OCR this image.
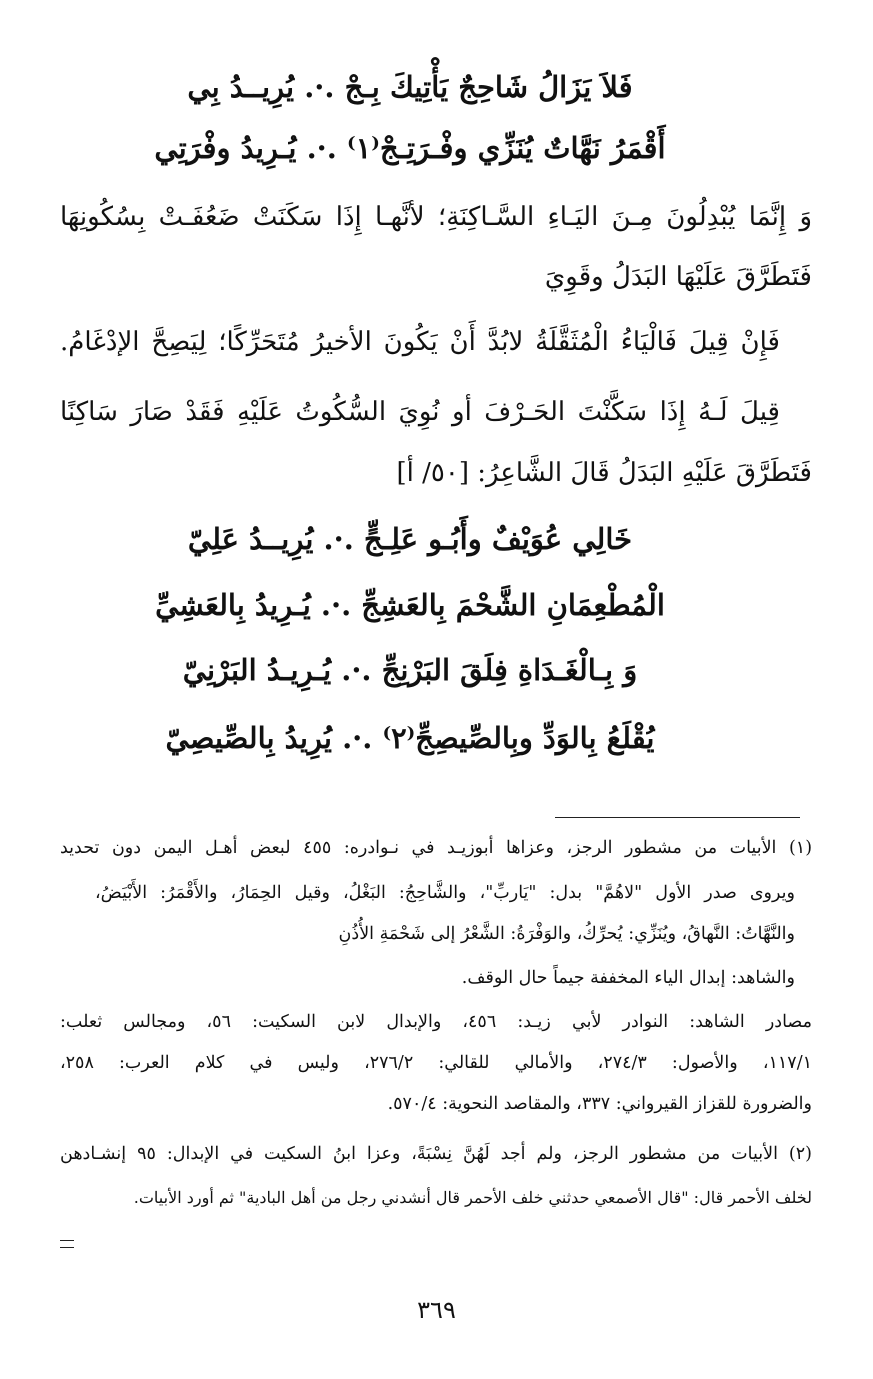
فَلاَ يَزَالُ شَاحِجٌ يَأْتِيكَ بِـجْ .·. يُرِيــدُ بِي
أَقْمَرُ نَهَّاتٌ يُنَزِّي وفْـرَتِـجْ⁽١⁾ .·. يُـرِيدُ وفْرَتِي
وَ إِنَّمَا يُبْدِلُونَ مِـنَ اليَـاءِ السَّـاكِنَةِ؛ لأنَّهـا إِذَا سَكَنَتْ ضَعُفَـتْ بِسُكُونِهَا
فَتَطَرَّقَ عَلَيْهَا البَدَلُ وقَوِيَ
فَإِنْ قِيلَ فَالْيَاءُ الْمُثَقَّلَةُ لابُدَّ أَنْ يَكُونَ الأخيرُ مُتَحَرِّكًا؛ لِيَصِحَّ الإدْغَامُ.
قِيلَ لَـهُ إِذَا سَكَّنْتَ الحَـرْفَ أو نُوِيَ السُّكُوتُ عَلَيْهِ فَقَدْ صَارَ سَاكِنًا
فَتَطَرَّقَ عَلَيْهِ البَدَلُ قَالَ الشَّاعِرُ: [٥٠/ أ]
خَالِي عُوَيْفٌ وأَبُـو عَلِـجٍّ .·. يُرِيــدُ عَلِيّ
الْمُطْعِمَانِ الشَّحْمَ بِالعَشِجِّ .·. يُـرِيدُ بِالعَشِيِّ
وَ بِـالْغَـدَاةِ فِلَقَ البَرْنِجِّ .·. يُـرِيـدُ البَرْنِيّ
يُقْلَعُ بِالوَدِّ وبِالصِّيصِجِّ⁽٢⁾ .·. يُرِيدُ بِالصِّيصِيّ
(١) الأبيات من مشطور الرجز، وعزاها أبوزيـد في نـوادره: ٤٥٥ لبعض أهـل اليمن دون تحديد
ويروى صدر الأول "لاهُمَّ" بدل: "يَاربِّ"، والشَّاحِجُ: البَغْلُ، وقيل الحِمَارُ، والأَقْمَرُ: الأَبْيَضُ،
والنَّهَّاتُ: النَّهاقُ، ويُنَزِّي: يُحرِّكُ، والوَفْرَةُ: الشَّعْرُ إلى شَحْمَةِ الأُذُنِ
والشاهد: إبدال الياء المخففة جيماً حال الوقف.
مصادر الشاهد: النوادر لأبي زيـد: ٤٥٦، والإبدال لابن السكيت: ٥٦، ومجالس ثعلب:
١١٧/١، والأصول: ٢٧٤/٣، والأمالي للقالي: ٢٧٦/٢، وليس في كلام العرب: ٢٥٨،
والضرورة للقزاز القيرواني: ٣٣٧، والمقاصد النحوية: ٥٧٠/٤.
(٢) الأبيات من مشطور الرجز، ولم أجد لَهُنَّ نِسْبَةً، وعزا ابنُ السكيت في الإبدال: ٩٥ إنشـادهن
لخلف الأحمر قال: "قال الأصمعي حدثني خلف الأحمر قال أنشدني رجل من أهل البادية" ثم أورد الأبيات.
٣٦٩
